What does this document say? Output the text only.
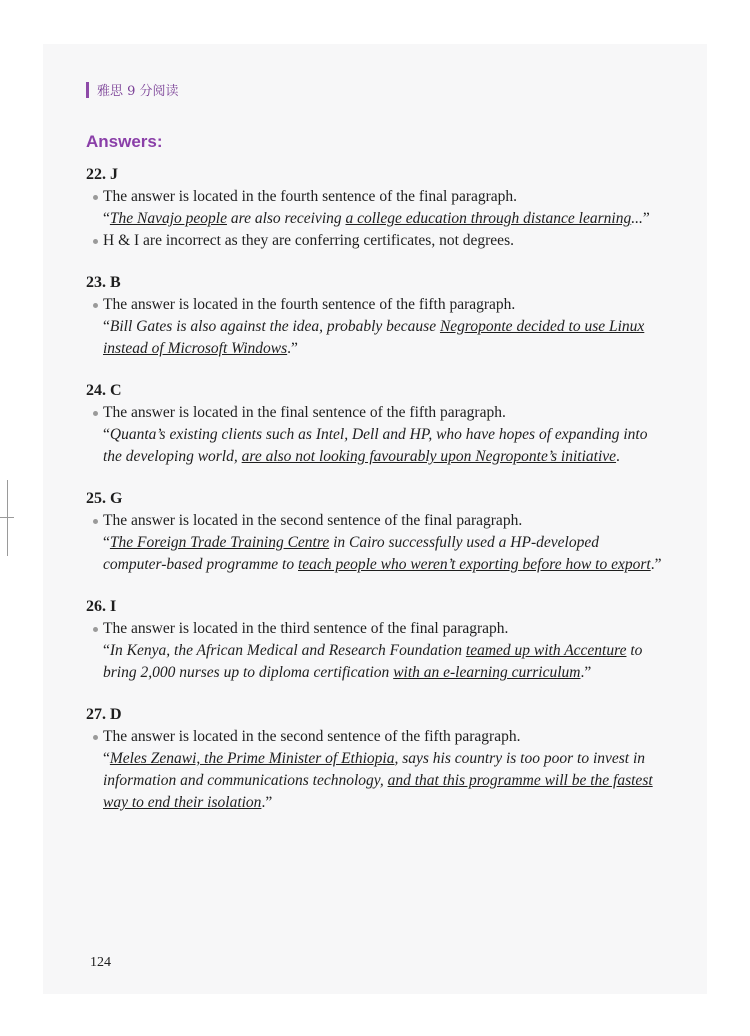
雅思 9 分阅读
Answers:
22. J
The answer is located in the fourth sentence of the final paragraph.
“The Navajo people are also receiving a college education through distance learning...”
H & I are incorrect as they are conferring certificates, not degrees.
23. B
The answer is located in the fourth sentence of the fifth paragraph.
“Bill Gates is also against the idea, probably because Negroponte decided to use Linux instead of Microsoft Windows.”
24. C
The answer is located in the final sentence of the fifth paragraph.
“Quanta’s existing clients such as Intel, Dell and HP, who have hopes of expanding into the developing world, are also not looking favourably upon Negroponte’s initiative.
25. G
The answer is located in the second sentence of the final paragraph.
“The Foreign Trade Training Centre in Cairo successfully used a HP-developed computer-based programme to teach people who weren’t exporting before how to export.”
26. I
The answer is located in the third sentence of the final paragraph.
“In Kenya, the African Medical and Research Foundation teamed up with Accenture to bring 2,000 nurses up to diploma certification with an e-learning curriculum.”
27. D
The answer is located in the second sentence of the fifth paragraph.
“Meles Zenawi, the Prime Minister of Ethiopia, says his country is too poor to invest in information and communications technology, and that this programme will be the fastest way to end their isolation.”
124
